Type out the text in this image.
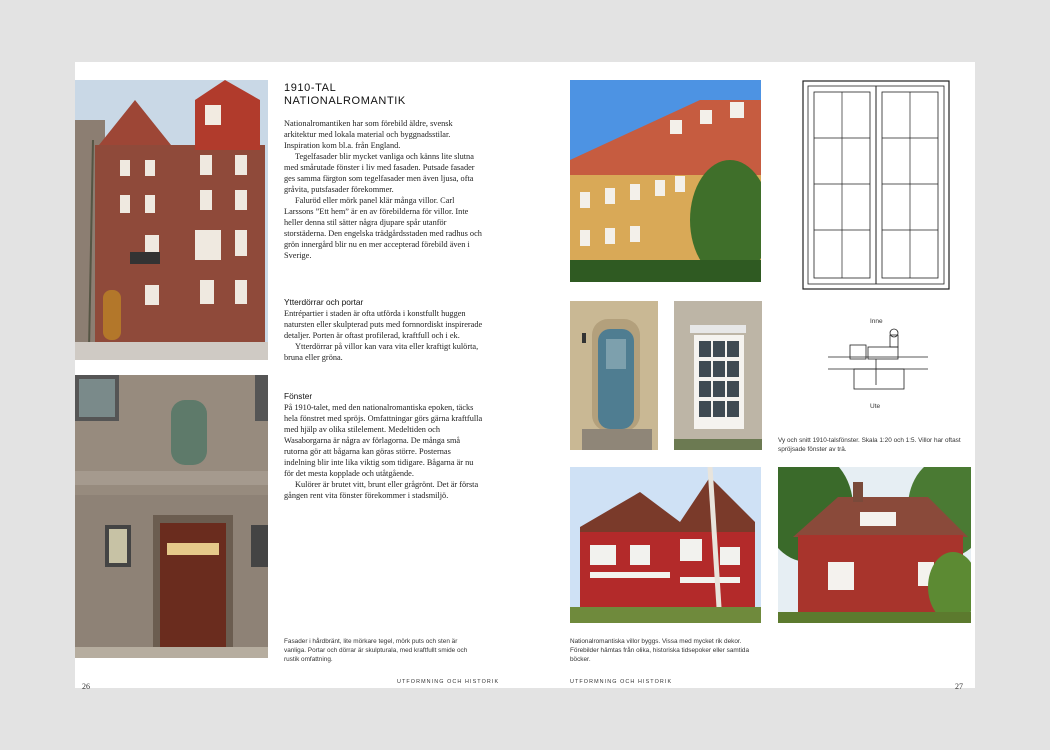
1910-TAL
NATIONALROMANTIK

Nationalromantiken har som förebild äldre, svensk arkitektur med lokala material och byggnadsstilar. Inspiration kom bl.a. från England.

Tegelfasader blir mycket vanliga och känns lite slutna med smårutade fönster i liv med fasaden. Putsade fasader ges samma färgton som tegelfasader men även ljusa, ofta gråvita, putsfasader förekommer.

Faluröd eller mörk panel klär många villor. Carl Larssons ”Ett hem” är en av förebilderna för villor. Inte heller denna stil sätter några djupare spår utanför storstäderna. Den engelska trädgårdsstaden med radhus och grön innergård blir nu en mer accepterad förebild även i Sverige.

Ytterdörrar och portar

Entrépartier i staden är ofta utförda i konstfullt huggen natursten eller skulpterad puts med fornnordiskt inspirerade detaljer. Porten är oftast profilerad, kraftfull och i ek.

Ytterdörrar på villor kan vara vita eller kraftigt kulörta, bruna eller gröna.

Fönster

På 1910-talet, med den nationalromantiska epoken, täcks hela fönstret med spröjs. Omfattningar görs gärna kraftfulla med hjälp av olika stilelement. Medeltiden och Wasaborgarna är några av förlagorna. De många små rutorna gör att bågarna kan göras större. Posternas indelning blir inte lika viktig som tidigare. Bågarna är nu för det mesta kopplade och utåtgående.

Kulörer är brutet vitt, brunt eller grågrönt. Det är första gången rent vita fönster förekommer i stadsmiljö.

Fasader i hårdbränt, lite mörkare tegel, mörk puts och sten är vanliga. Portar och dörrar är skulpturala, med kraftfullt smide och rustik omfattning.
26	UTFORMNING OCH HISTORIK
Inne
Ute
Vy och snitt 1910-talsfönster. Skala 1:20 och 1:5. Villor har oftast spröjsade fönster av trä.
Nationalromantiska villor byggs. Vissa med mycket rik dekor. Förebilder hämtas från olika, historiska tidsepoker eller samtida böcker.
UTFORMNING OCH HISTORIK	27
